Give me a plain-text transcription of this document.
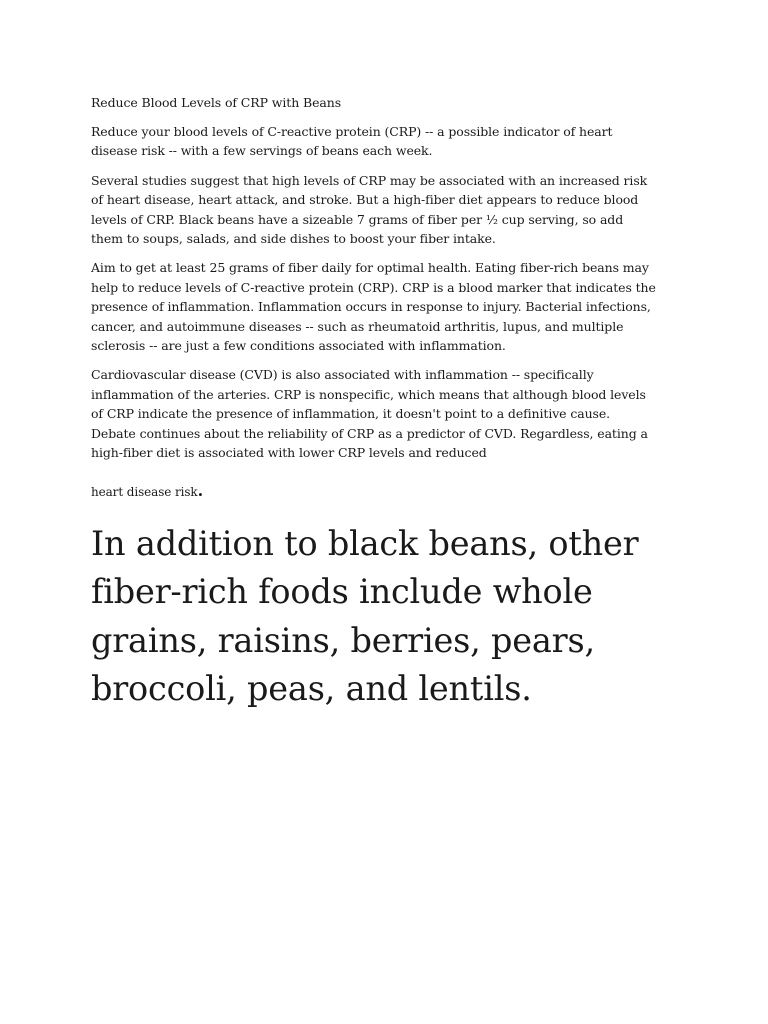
Reduce Blood Levels of CRP with Beans

Reduce your blood levels of C-reactive protein (CRP) -- a possible indicator of heart disease risk -- with a few servings of beans each week.

Several studies suggest that high levels of CRP may be associated with an increased risk of heart disease, heart attack, and stroke. But a high-fiber diet appears to reduce blood levels of CRP. Black beans have a sizeable 7 grams of fiber per ½ cup serving, so add them to soups, salads, and side dishes to boost your fiber intake.

Aim to get at least 25 grams of fiber daily for optimal health. Eating fiber-rich beans may help to reduce levels of C-reactive protein (CRP). CRP is a blood marker that indicates the presence of inflammation. Inflammation occurs in response to injury. Bacterial infections, cancer, and autoimmune diseases -- such as rheumatoid arthritis, lupus, and multiple sclerosis -- are just a few conditions associated with inflammation.

Cardiovascular disease (CVD) is also associated with inflammation -- specifically inflammation of the arteries. CRP is nonspecific, which means that although blood levels of CRP indicate the presence of inflammation, it doesn't point to a definitive cause. Debate continues about the reliability of CRP as a predictor of CVD. Regardless, eating a high-fiber diet is associated with lower CRP levels and reduced

heart disease risk.

In addition to black beans, other fiber-rich foods include whole grains, raisins, berries, pears, broccoli, peas, and lentils.
